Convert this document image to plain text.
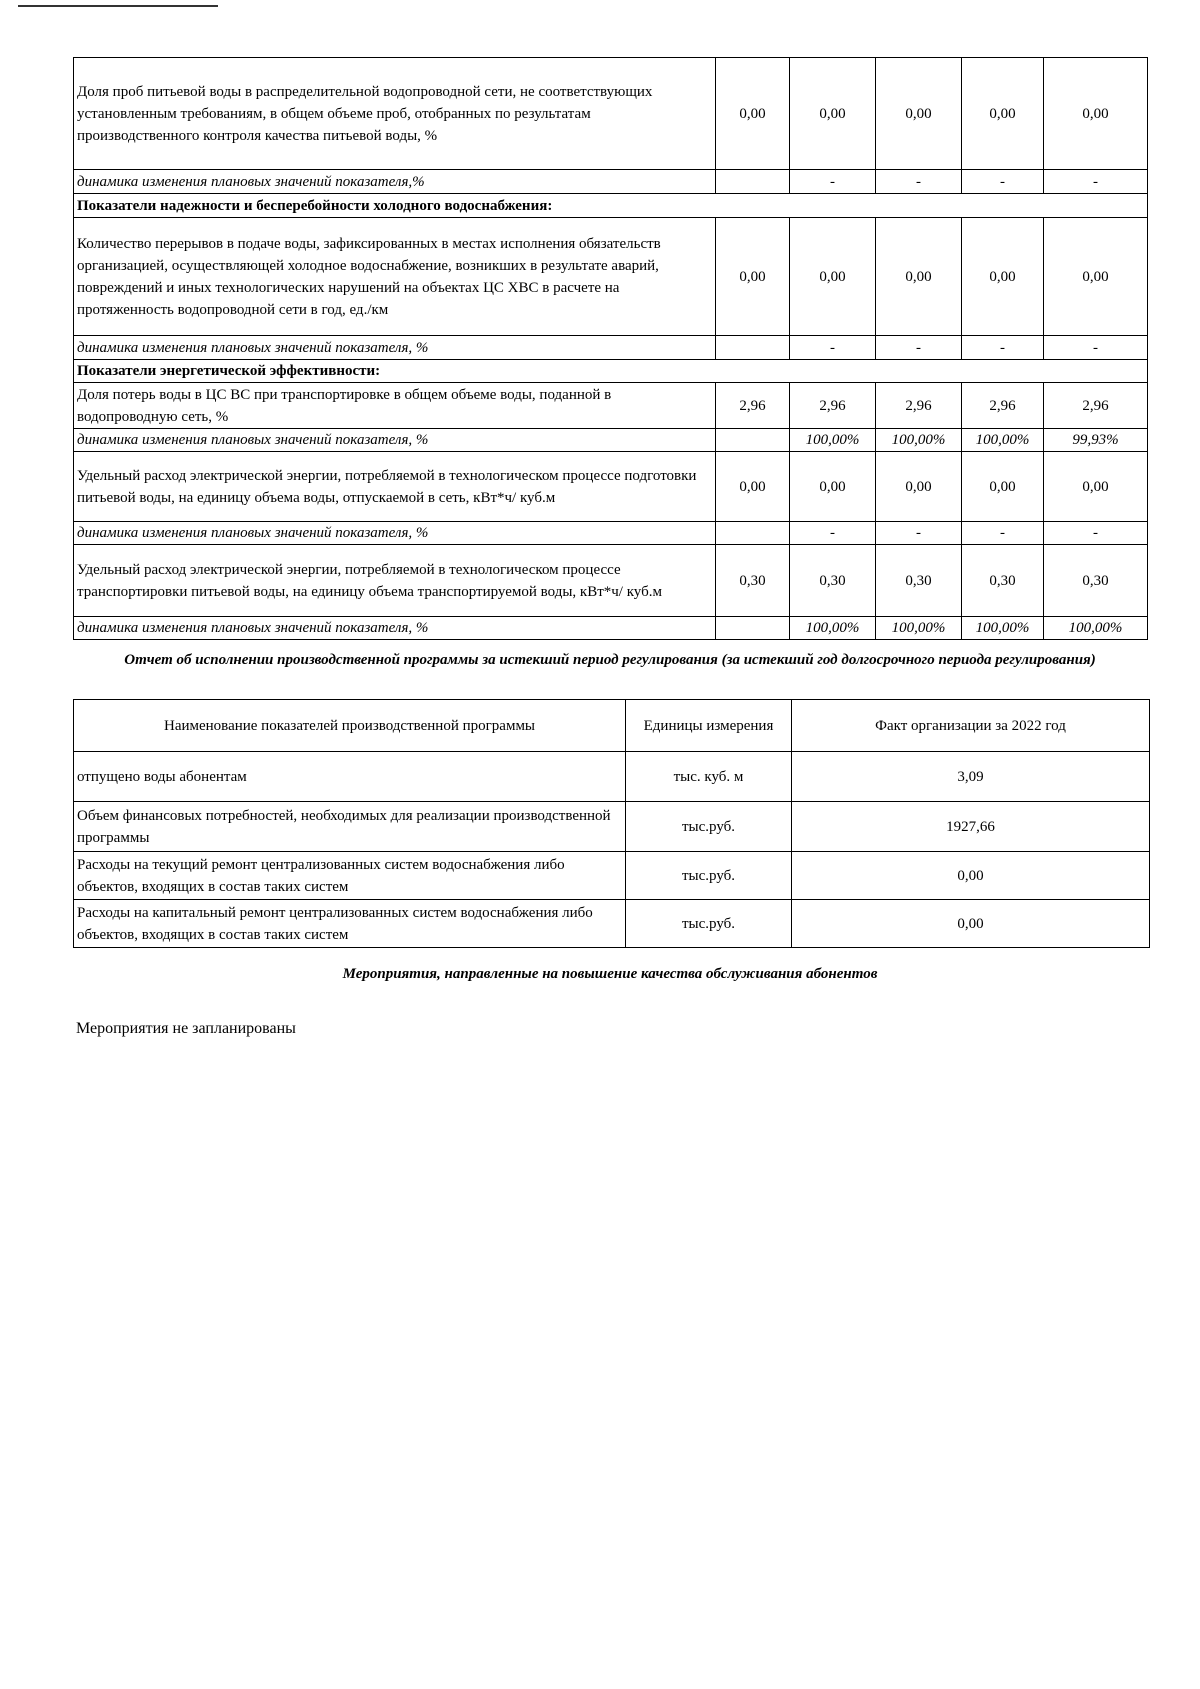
Доля проб питьевой воды в распределительной водопроводной сети, не соответствующих установленным требованиям, в общем объеме проб, отобранных по результатам производственного контроля качества питьевой воды, %	0,00	0,00	0,00	0,00	0,00
динамика изменения плановых значений показателя,%		-	-	-	-
Показатели надежности и бесперебойности холодного водоснабжения:					
Количество перерывов в подаче воды, зафиксированных в местах исполнения обязательств организацией, осуществляющей холодное водоснабжение, возникших в результате аварий, повреждений и иных технологических нарушений на объектах ЦС ХВС в расчете на протяженность водопроводной сети в год, ед./км	0,00	0,00	0,00	0,00	0,00
динамика изменения плановых значений показателя, %		-	-	-	-
Показатели энергетической эффективности:					
Доля потерь воды в ЦС ВС при транспортировке в общем объеме воды, поданной в водопроводную сеть, %	2,96	2,96	2,96	2,96	2,96
динамика изменения плановых значений показателя, %		100,00%	100,00%	100,00%	99,93%
Удельный расход электрической энергии, потребляемой в технологическом процессе подготовки питьевой воды, на единицу объема воды, отпускаемой в сеть, кВт*ч/ куб.м	0,00	0,00	0,00	0,00	0,00
динамика изменения плановых значений показателя, %		-	-	-	-
Удельный расход электрической энергии, потребляемой в технологическом процессе транспортировки питьевой воды, на единицу объема транспортируемой воды, кВт*ч/ куб.м	0,30	0,30	0,30	0,30	0,30
динамика изменения плановых значений показателя, %		100,00%	100,00%	100,00%	100,00%
Отчет об исполнении производственной программы за истекший период регулирования (за истекший год долгосрочного периода регулирования)
Наименование показателей производственной программы	Единицы измерения	Факт организации за 2022 год
отпущено воды абонентам	тыс. куб. м	3,09
Объем финансовых потребностей, необходимых для реализации производственной программы	тыс.руб.	1927,66
Расходы на текущий ремонт централизованных систем водоснабжения либо объектов, входящих в состав таких систем	тыс.руб.	0,00
Расходы на капитальный ремонт централизованных систем водоснабжения либо объектов, входящих в состав таких систем	тыс.руб.	0,00
Мероприятия, направленные на повышение качества обслуживания абонентов
Мероприятия не запланированы
